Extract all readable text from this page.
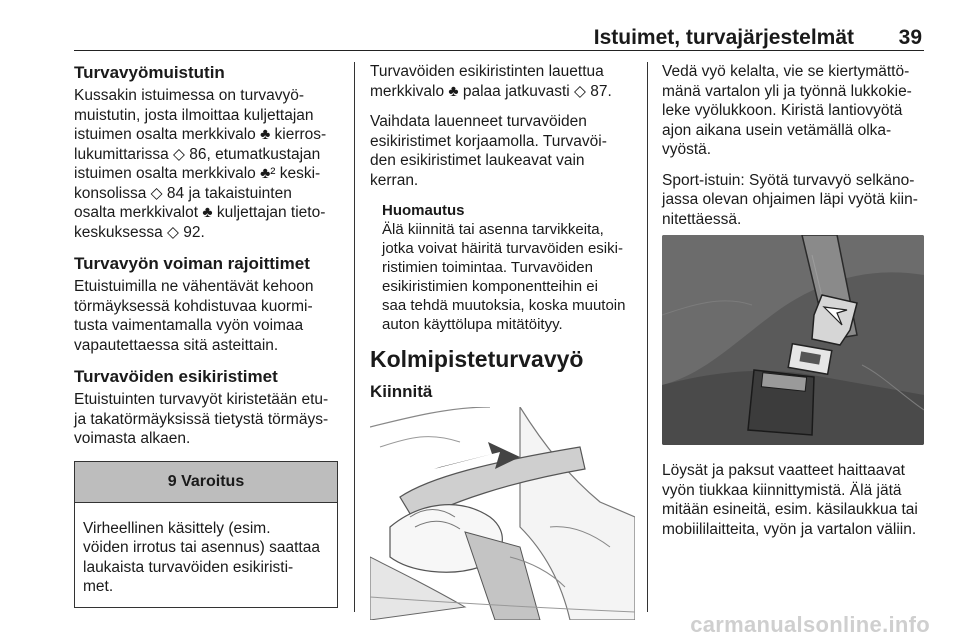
Istuimet, turvajärjestelmät 39
Turvavyömuistutin
Kussakin istuimessa on turvavyö-
muistutin, josta ilmoittaa kuljettajan
istuimen osalta merkkivalo ♣ kierros-
lukumittarissa ◇ 86, etumatkustajan
istuimen osalta merkkivalo ♣² keski-
konsolissa ◇ 84 ja takaistuinten
osalta merkkivalot ♣ kuljettajan tieto-
keskuksessa ◇ 92.
Turvavyön voiman rajoittimet
Etuistuimilla ne vähentävät kehoon
törmäyksessä kohdistuvaa kuormi-
tusta vaimentamalla vyön voimaa
vapautettaessa sitä asteittain.
Turvavöiden esikiristimet
Etuistuinten turvavyöt kiristetään etu-
ja takatörmäyksissä tietystä törmäys-
voimasta alkaen.
9 Varoitus
Virheellinen käsittely (esim.
vöiden irrotus tai asennus) saattaa
laukaista turvavöiden esikiristi-
met.
Turvavöiden esikiristinten lauettua
merkkivalo ♣ palaa jatkuvasti ◇ 87.
Vaihdata lauenneet turvavöiden
esikiristimet korjaamolla. Turvavöi-
den esikiristimet laukeavat vain
kerran.
Huomautus
Älä kiinnitä tai asenna tarvikkeita,
jotka voivat häiritä turvavöiden esiki-
ristimien toimintaa. Turvavöiden
esikiristimien komponentteihin ei
saa tehdä muutoksia, koska muutoin
auton käyttölupa mitätöityy.
Kolmipisteturvavyö
Kiinnitä
Vedä vyö kelalta, vie se kiertymättö-
mänä vartalon yli ja työnnä lukkokie-
leke vyölukkoon. Kiristä lantiovyötä
ajon aikana usein vetämällä olka-
vyöstä.
Sport-istuin: Syötä turvavyö selkäno-
jassa olevan ohjaimen läpi vyötä kiin-
nitettäessä.
Löysät ja paksut vaatteet haittaavat
vyön tiukkaa kiinnittymistä. Älä jätä
mitään esineitä, esim. käsilaukkua tai
mobiililaitteita, vyön ja vartalon väliin.
carmanualsonline.info
